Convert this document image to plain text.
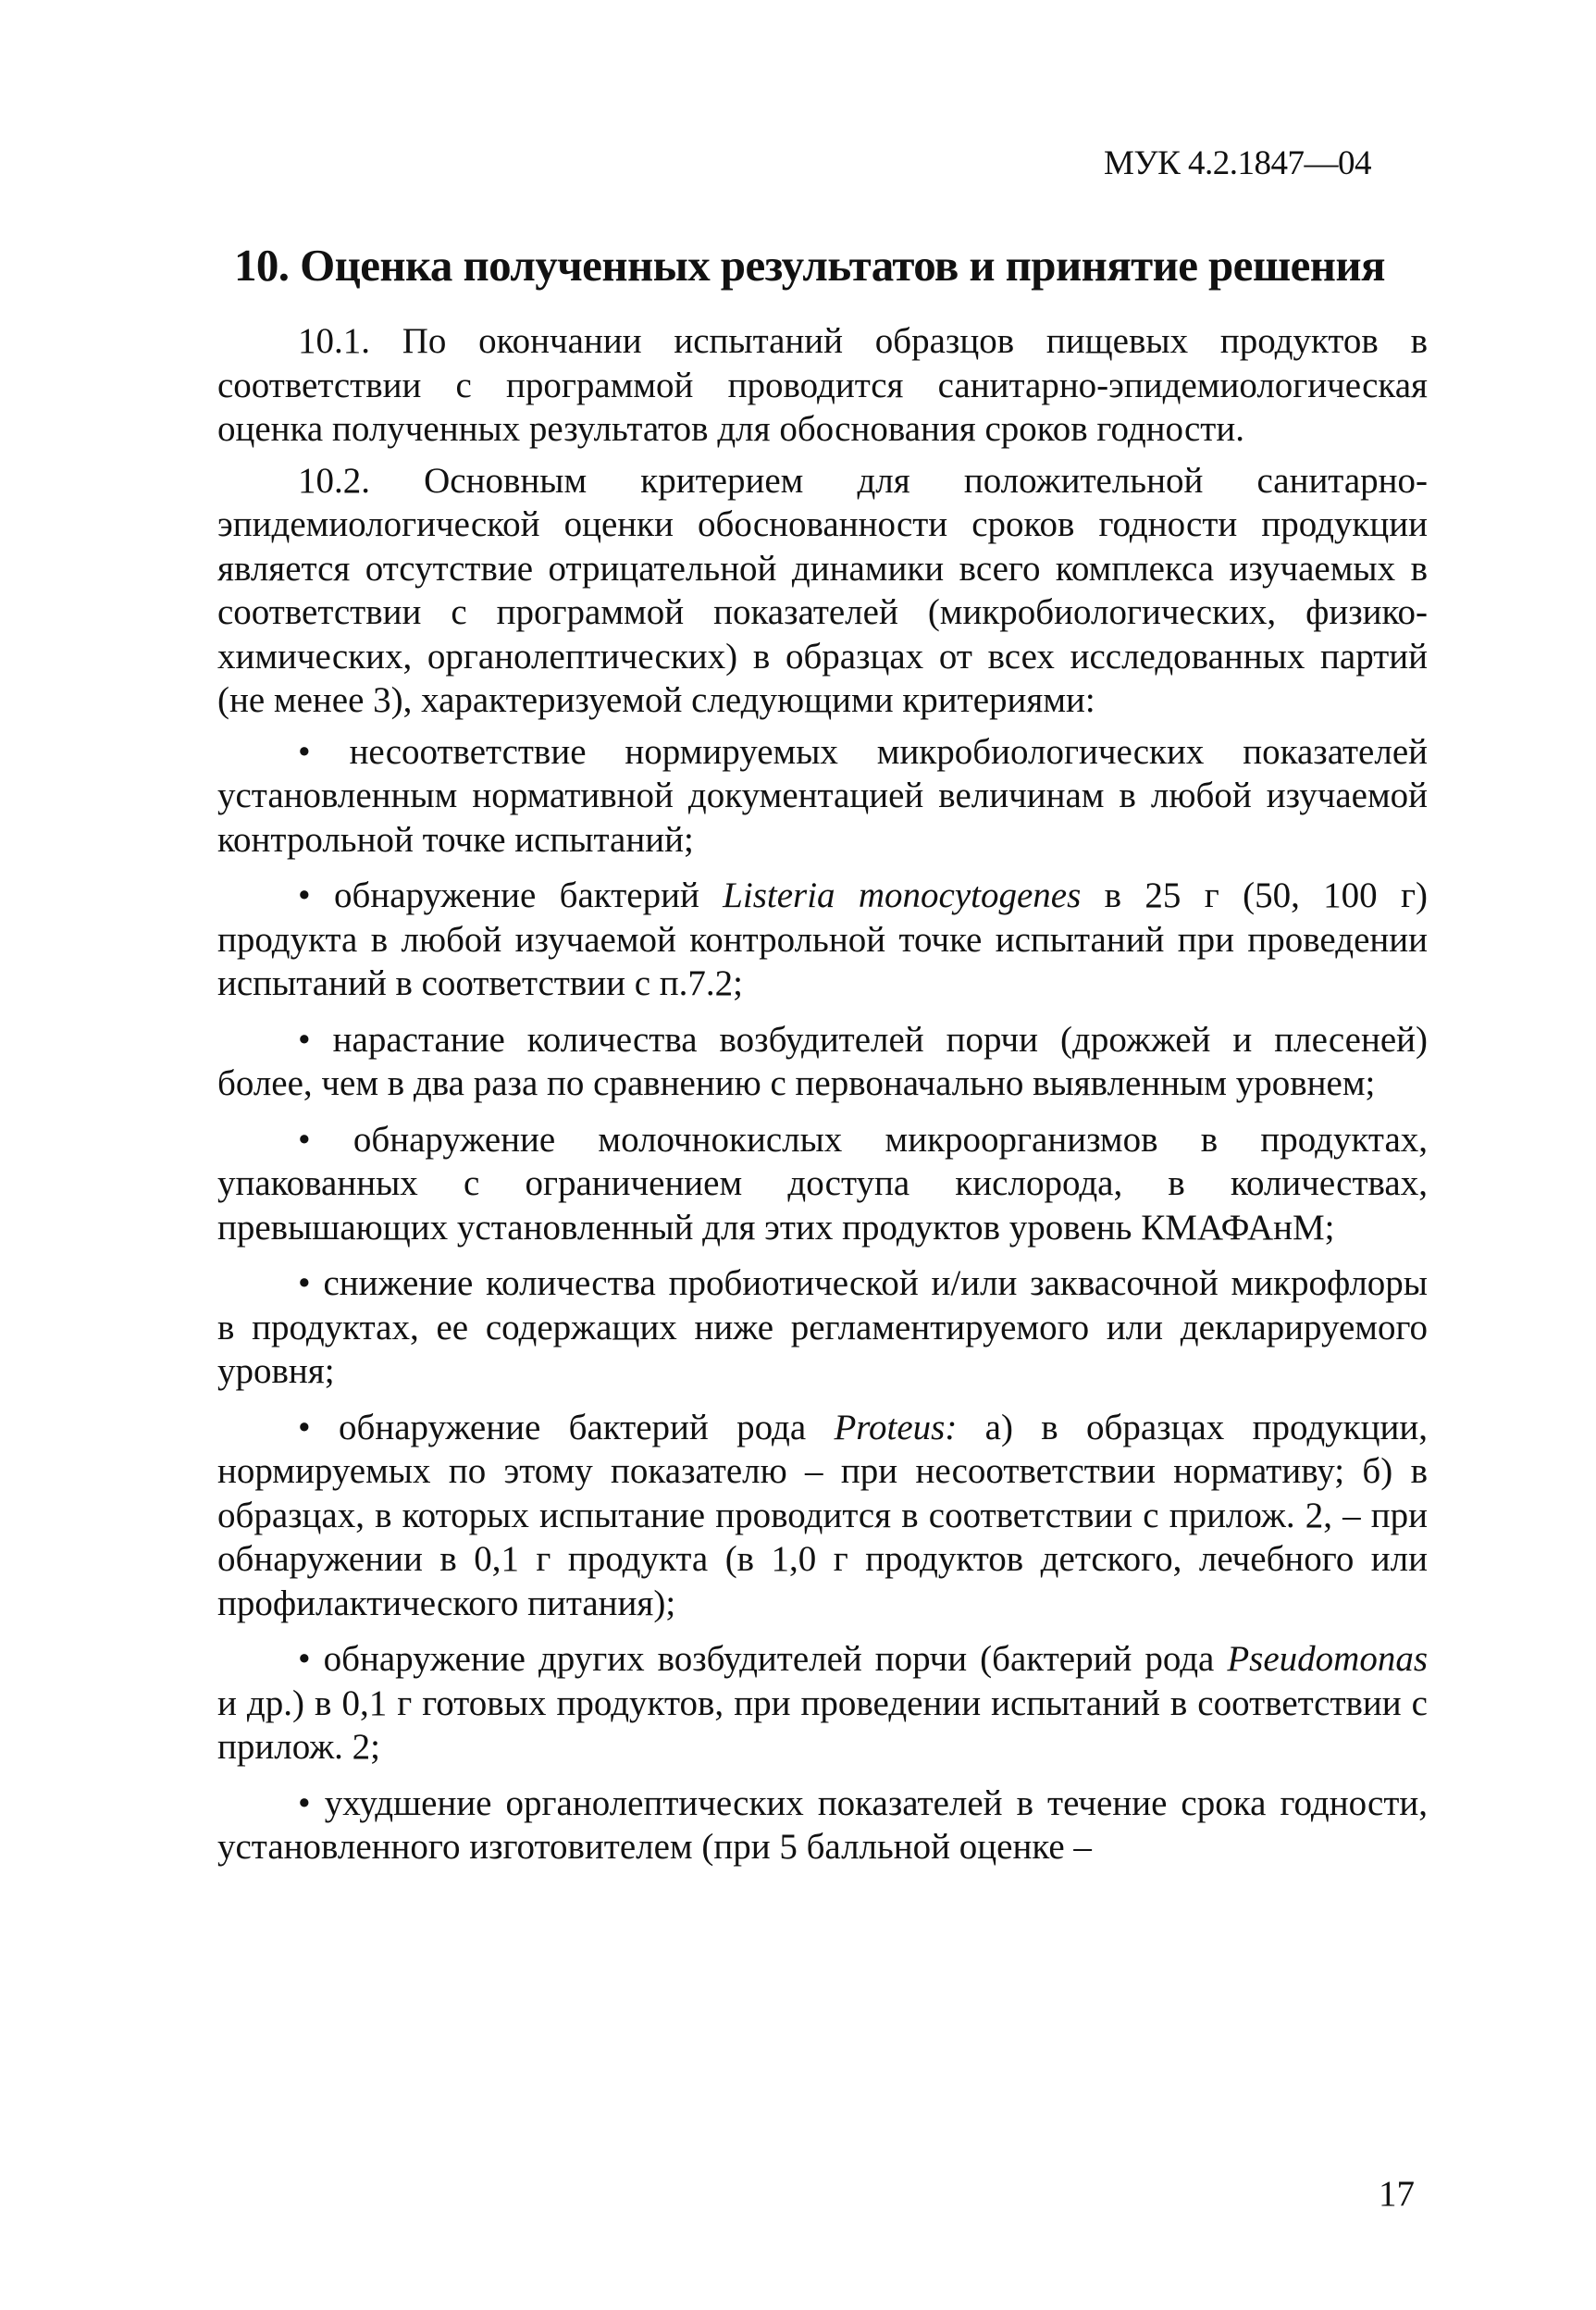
МУК 4.2.1847—04
10. Оценка полученных результатов и принятие решения

10.1. По окончании испытаний образцов пищевых продуктов в соответствии с программой проводится санитарно-эпидемиологическая оценка полученных результатов для обоснования сроков годности.

10.2. Основным критерием для положительной санитарно-эпидемиологической оценки обоснованности сроков годности продукции является отсутствие отрицательной динамики всего комплекса изучаемых в соответствии с программой показателей (микробиологических, физико-химических, органолептических) в образцах от всех исследованных партий (не менее 3), характеризуемой следующими критериями:

• несоответствие нормируемых микробиологических показателей установленным нормативной документацией величинам в любой изучаемой контрольной точке испытаний;

• обнаружение бактерий Listeria monocytogenes в 25 г (50, 100 г) продукта в любой изучаемой контрольной точке испытаний при проведении испытаний в соответствии с п.7.2;

• нарастание количества возбудителей порчи (дрожжей и плесеней) более, чем в два раза по сравнению с первоначально выявленным уровнем;

• обнаружение молочнокислых микроорганизмов в продуктах, упакованных с ограничением доступа кислорода, в количествах, превышающих установленный для этих продуктов уровень КМАФАнМ;

• снижение количества пробиотической и/или заквасочной микрофлоры в продуктах, ее содержащих ниже регламентируемого или декларируемого уровня;

• обнаружение бактерий рода Proteus: а) в образцах продукции, нормируемых по этому показателю – при несоответствии нормативу; б) в образцах, в которых испытание проводится в соответствии с прилож. 2, – при обнаружении в 0,1 г продукта (в 1,0 г продуктов детского, лечебного или профилактического питания);

• обнаружение других возбудителей порчи (бактерий рода Pseudomonas и др.) в 0,1 г готовых продуктов, при проведении испытаний в соответствии с прилож. 2;

• ухудшение органолептических показателей в течение срока годности, установленного изготовителем (при 5 балльной оценке –

17
